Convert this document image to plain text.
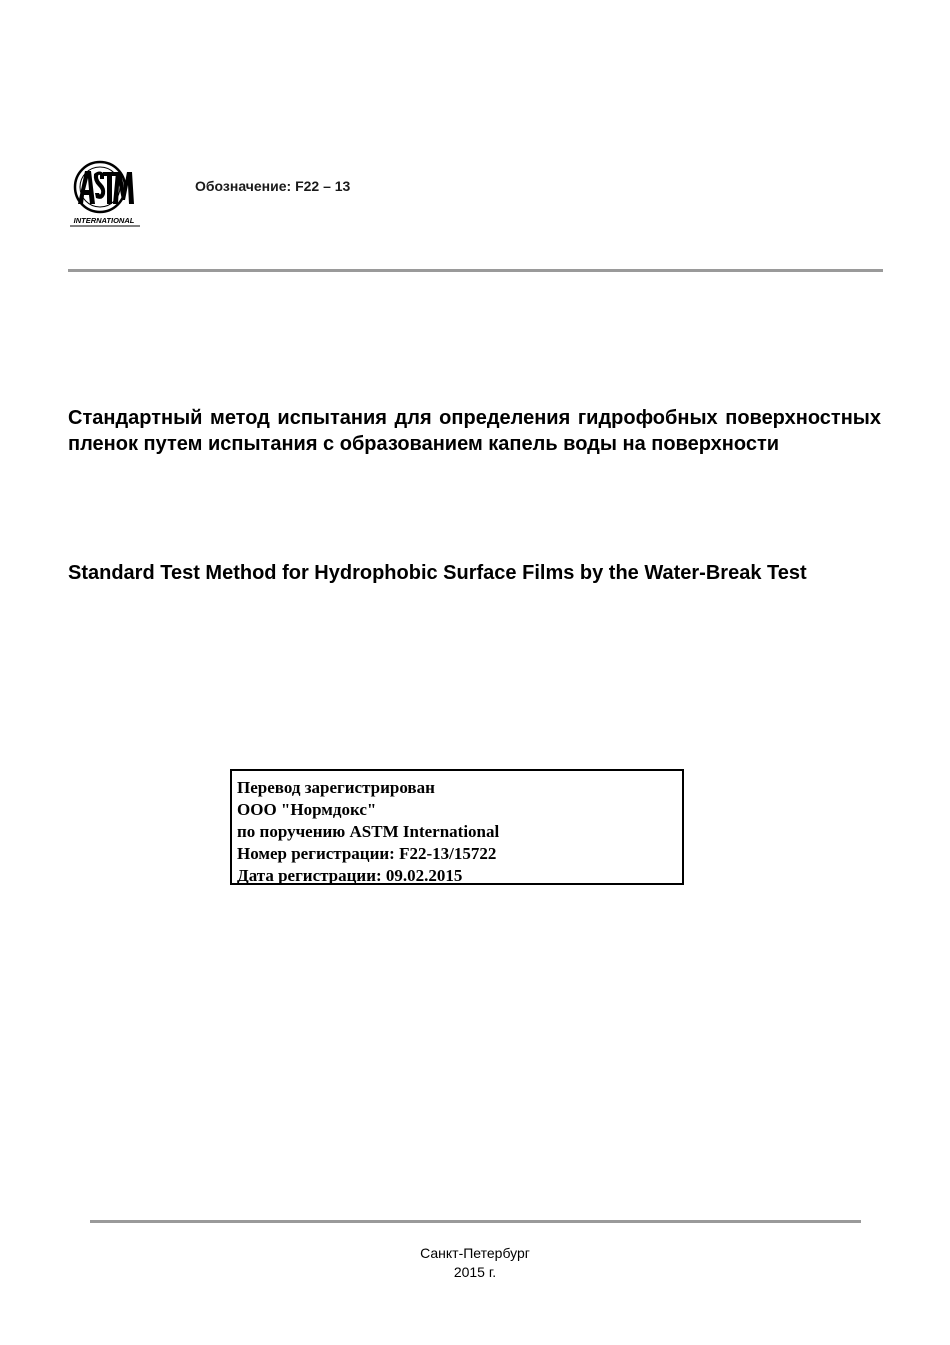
INTERNATIONAL
Обозначение: F22 – 13
Стандартный метод испытания для определения гидрофобных поверхностных пленок путем испытания с образованием капель воды на поверхности
Standard Test Method for Hydrophobic Surface Films by the Water-Break Test
Перевод зарегистрирован
ООО "Нормдокс"
по поручению ASTM International
Номер регистрации: F22-13/15722
Дата регистрации: 09.02.2015
Санкт-Петербург
2015 г.
